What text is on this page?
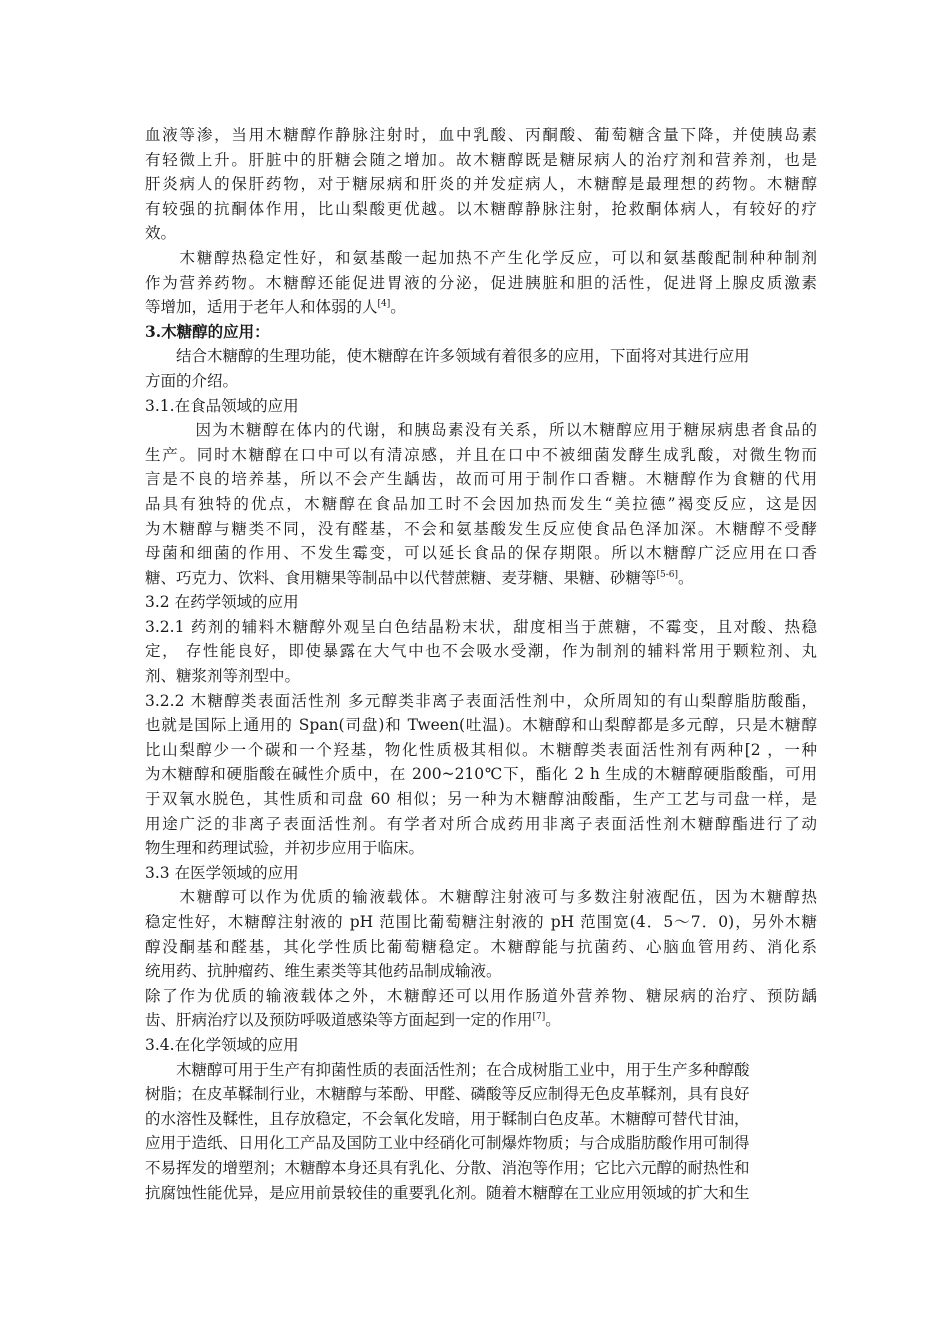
血液等渗，当用木糖醇作静脉注射时，血中乳酸、丙酮酸、葡萄糖含量下降，并使胰岛素
有轻微上升。肝脏中的肝糖会随之增加。故木糖醇既是糖尿病人的治疗剂和营养剂，也是
肝炎病人的保肝药物，对于糖尿病和肝炎的并发症病人，木糖醇是最理想的药物。木糖醇
有较强的抗酮体作用，比山梨酸更优越。以木糖醇静脉注射，抢救酮体病人，有较好的疗
效。
　　木糖醇热稳定性好，和氨基酸一起加热不产生化学反应，可以和氨基酸配制种种制剂
作为营养药物。木糖醇还能促进胃液的分泌，促进胰脏和胆的活性，促进肾上腺皮质激素
等增加，适用于老年人和体弱的人[4]。
3.木糖醇的应用：
　　结合木糖醇的生理功能，使木糖醇在许多领域有着很多的应用，下面将对其进行应用
方面的介绍。
3.1.在食品领域的应用
　　　因为木糖醇在体内的代谢，和胰岛素没有关系，所以木糖醇应用于糖尿病患者食品的
生产。同时木糖醇在口中可以有清凉感，并且在口中不被细菌发酵生成乳酸，对微生物而
言是不良的培养基，所以不会产生龋齿，故而可用于制作口香糖。木糖醇作为食糖的代用
品具有独特的优点，木糖醇在食品加工时不会因加热而发生“美拉德”褐变反应，这是因
为木糖醇与糖类不同，没有醛基，不会和氨基酸发生反应使食品色泽加深。木糖醇不受酵
母菌和细菌的作用、不发生霉变，可以延长食品的保存期限。所以木糖醇广泛应用在口香
糖、巧克力、饮料、食用糖果等制品中以代替蔗糖、麦芽糖、果糖、砂糖等[5-6]。
3.2 在药学领域的应用
3.2.1 药剂的辅料木糖醇外观呈白色结晶粉末状，甜度相当于蔗糖，不霉变，且对酸、热稳
定， 存性能良好，即使暴露在大气中也不会吸水受潮，作为制剂的辅料常用于颗粒剂、丸
剂、糖浆剂等剂型中。
3.2.2 木糖醇类表面活性剂 多元醇类非离子表面活性剂中，众所周知的有山梨醇脂肪酸酯，
也就是国际上通用的 Span(司盘)和 Tween(吐温)。木糖醇和山梨醇都是多元醇，只是木糖醇
比山梨醇少一个碳和一个羟基，物化性质极其相似。木糖醇类表面活性剂有两种[2 ，一种
为木糖醇和硬脂酸在碱性介质中，在 200~210℃下，酯化 2 h 生成的木糖醇硬脂酸酯，可用
于双氧水脱色，其性质和司盘 60 相似；另一种为木糖醇油酸酯，生产工艺与司盘一样，是
用途广泛的非离子表面活性剂。有学者对所合成药用非离子表面活性剂木糖醇酯进行了动
物生理和药理试验，并初步应用于临床。
3.3 在医学领域的应用
　　木糖醇可以作为优质的输液载体。木糖醇注射液可与多数注射液配伍，因为木糖醇热
稳定性好，木糖醇注射液的 pH 范围比葡萄糖注射液的 pH 范围宽(4．5～7．0)，另外木糖
醇没酮基和醛基，其化学性质比葡萄糖稳定。木糖醇能与抗菌药、心脑血管用药、消化系
统用药、抗肿瘤药、维生素类等其他药品制成输液。
除了作为优质的输液载体之外，木糖醇还可以用作肠道外营养物、糖尿病的治疗、预防龋
齿、肝病治疗以及预防呼吸道感染等方面起到一定的作用[7]。
3.4.在化学领域的应用
　　木糖醇可用于生产有抑菌性质的表面活性剂；在合成树脂工业中，用于生产多种醇酸
树脂；在皮革鞣制行业，木糖醇与苯酚、甲醛、磷酸等反应制得无色皮革鞣剂，具有良好
的水溶性及鞣性，且存放稳定，不会氧化发暗，用于鞣制白色皮革。木糖醇可替代甘油，
应用于造纸、日用化工产品及国防工业中经硝化可制爆炸物质；与合成脂肪酸作用可制得
不易挥发的增塑剂；木糖醇本身还具有乳化、分散、消泡等作用；它比六元醇的耐热性和
抗腐蚀性能优异，是应用前景较佳的重要乳化剂。随着木糖醇在工业应用领域的扩大和生
